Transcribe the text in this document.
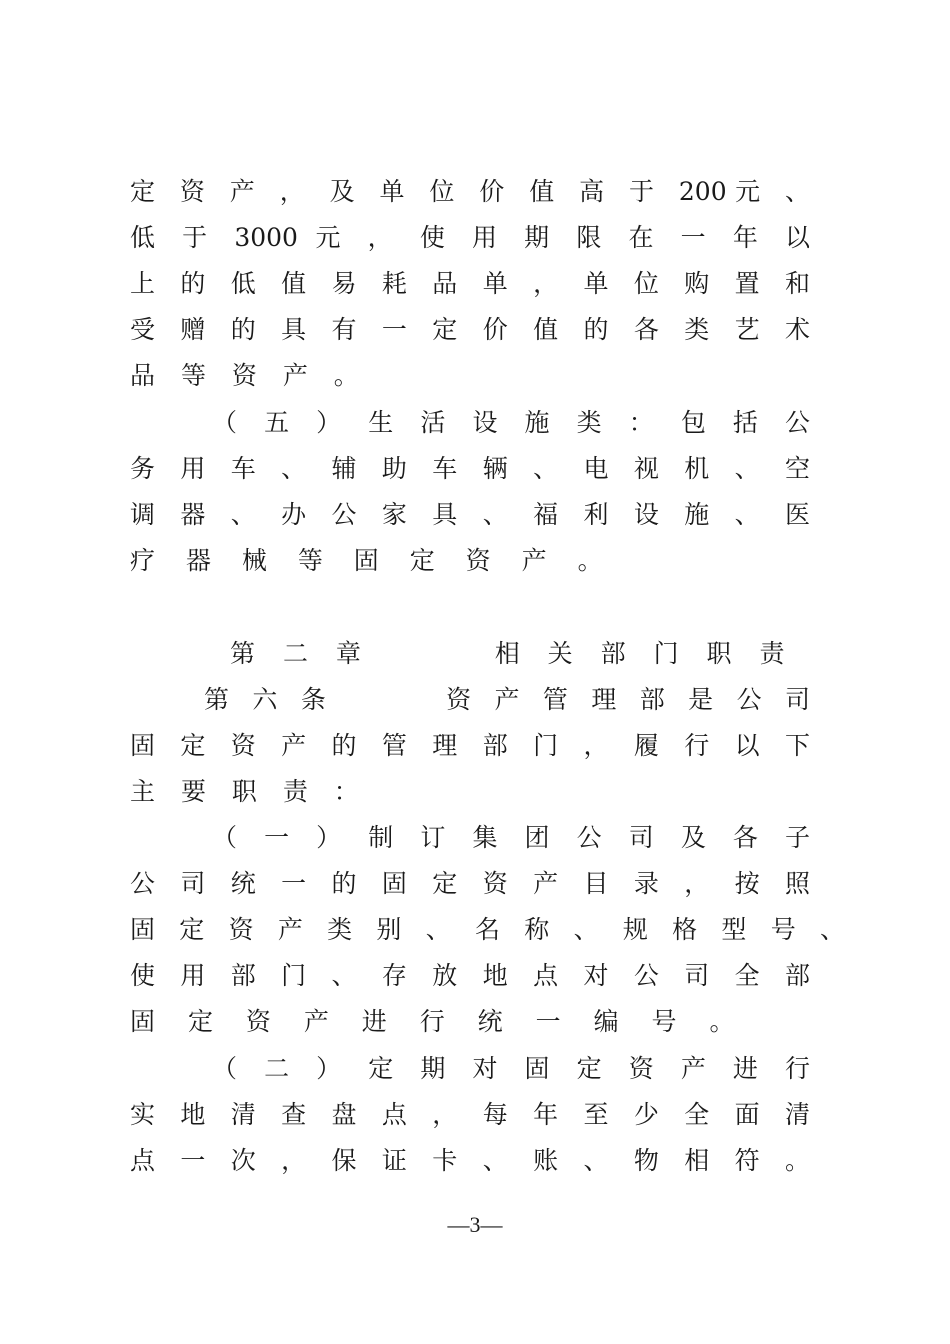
定 资 产 ， 及 单 位 价 值 高 于 200元 、
低 于 3000 元 ， 使 用 期 限 在 一 年 以
上 的 低 值 易 耗 品 单 ， 单 位 购 置 和
受 赠 的 具 有 一 定 价 值 的 各 类 艺 术
品 等 资 产 。
（ 五 ） 生 活 设 施 类 ： 包 括 公
务 用 车 、 辅 助 车 辆 、 电 视 机 、 空
调 器 、 办 公 家 具 、 福 利 设 施 、 医
疗 器 械 等 固 定 资 产 。
第 二 章 　 　 相 关 部 门 职 责
第 六 条 　 　 资 产 管 理 部 是 公 司
固 定 资 产 的 管 理 部 门 ， 履 行 以 下
主 要 职 责 ：
（ 一 ） 制 订 集 团 公 司 及 各 子
公 司 统 一 的 固 定 资 产 目 录 ， 按 照
固 定 资 产 类 别 、 名 称 、 规 格 型 号 、
使 用 部 门 、 存 放 地 点 对 公 司 全 部
固 定 资 产 进 行 统 一 编 号 。
（ 二 ） 定 期 对 固 定 资 产 进 行
实 地 清 查 盘 点 ， 每 年 至 少 全 面 清
点 一 次 ， 保 证 卡 、 账 、 物 相 符 。
—3—
